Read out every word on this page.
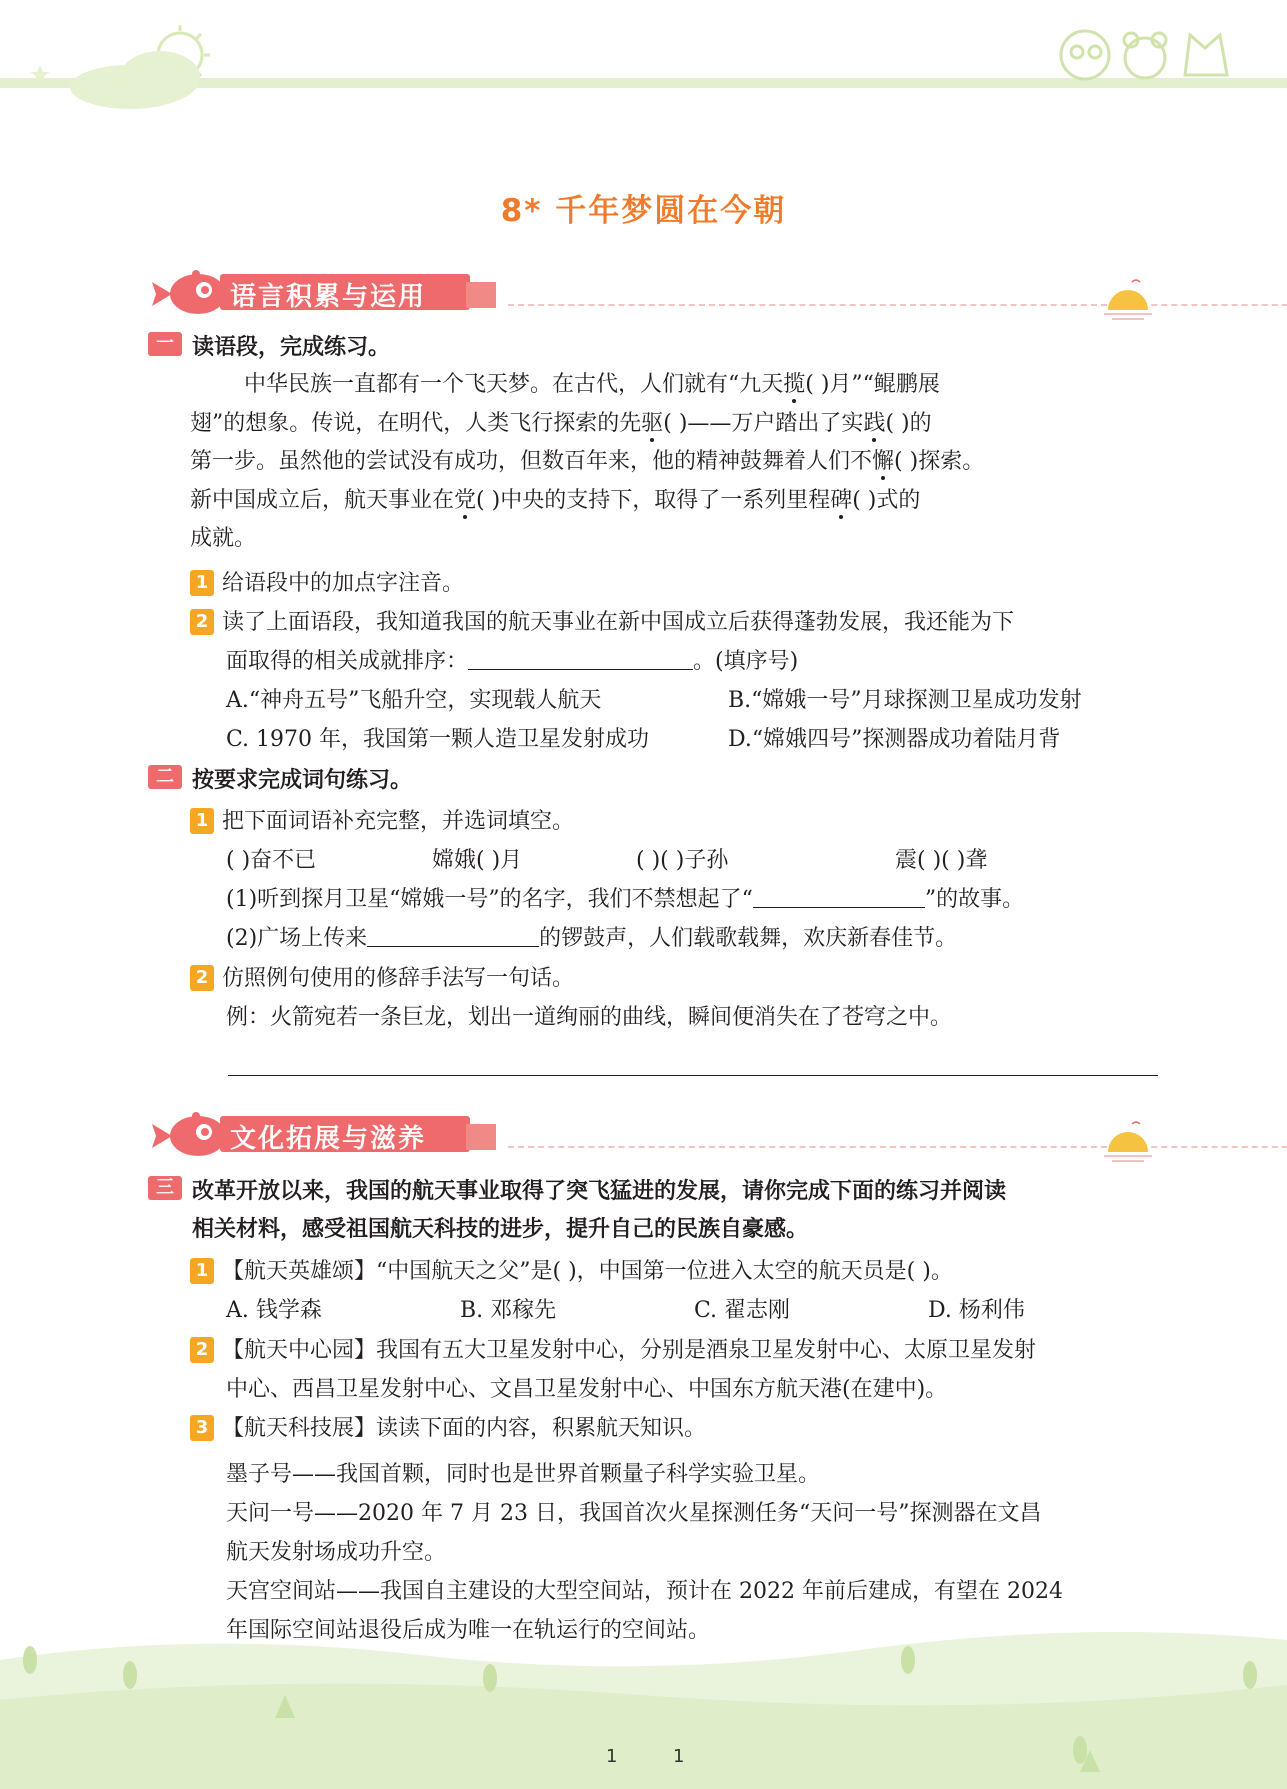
8* 千年梦圆在今朝
语言积累与运用
一 读语段，完成练习。
中华民族一直都有一个飞天梦。在古代，人们就有“九天揽( )月”“鲲鹏展
翅”的想象。传说，在明代，人类飞行探索的先驱( )——万户踏出了实践( )的
第一步。虽然他的尝试没有成功，但数百年来，他的精神鼓舞着人们不懈( )探索。
新中国成立后，航天事业在党( )中央的支持下，取得了一系列里程碑( )式的
成就。
1 给语段中的加点字注音。
2 读了上面语段，我知道我国的航天事业在新中国成立后获得蓬勃发展，我还能为下
面取得的相关成就排序：	。(填序号)
A.“神舟五号”飞船升空，实现载人航天	B.“嫦娥一号”月球探测卫星成功发射
C. 1970 年，我国第一颗人造卫星发射成功	D.“嫦娥四号”探测器成功着陆月背
二 按要求完成词句练习。
1 把下面词语补充完整，并选词填空。
( )奋不已	嫦娥( )月	( )( )子孙	震( )( )聋
(1)听到探月卫星“嫦娥一号”的名字，我们不禁想起了“	”的故事。
(2)广场上传来	的锣鼓声，人们载歌载舞，欢庆新春佳节。
2 仿照例句使用的修辞手法写一句话。
例：火箭宛若一条巨龙，划出一道绚丽的曲线，瞬间便消失在了苍穹之中。
文化拓展与滋养
三 改革开放以来，我国的航天事业取得了突飞猛进的发展，请你完成下面的练习并阅读
相关材料，感受祖国航天科技的进步，提升自己的民族自豪感。
1 【航天英雄颂】“中国航天之父”是( )，中国第一位进入太空的航天员是( )。
A. 钱学森	B. 邓稼先	C. 翟志刚	D. 杨利伟
2 【航天中心园】我国有五大卫星发射中心，分别是酒泉卫星发射中心、太原卫星发射
中心、西昌卫星发射中心、文昌卫星发射中心、中国东方航天港(在建中)。
3 【航天科技展】读读下面的内容，积累航天知识。
墨子号——我国首颗，同时也是世界首颗量子科学实验卫星。
天问一号——2020 年 7 月 23 日，我国首次火星探测任务“天问一号”探测器在文昌
航天发射场成功升空。
天宫空间站——我国自主建设的大型空间站，预计在 2022 年前后建成，有望在 2024
年国际空间站退役后成为唯一在轨运行的空间站。
1	1
